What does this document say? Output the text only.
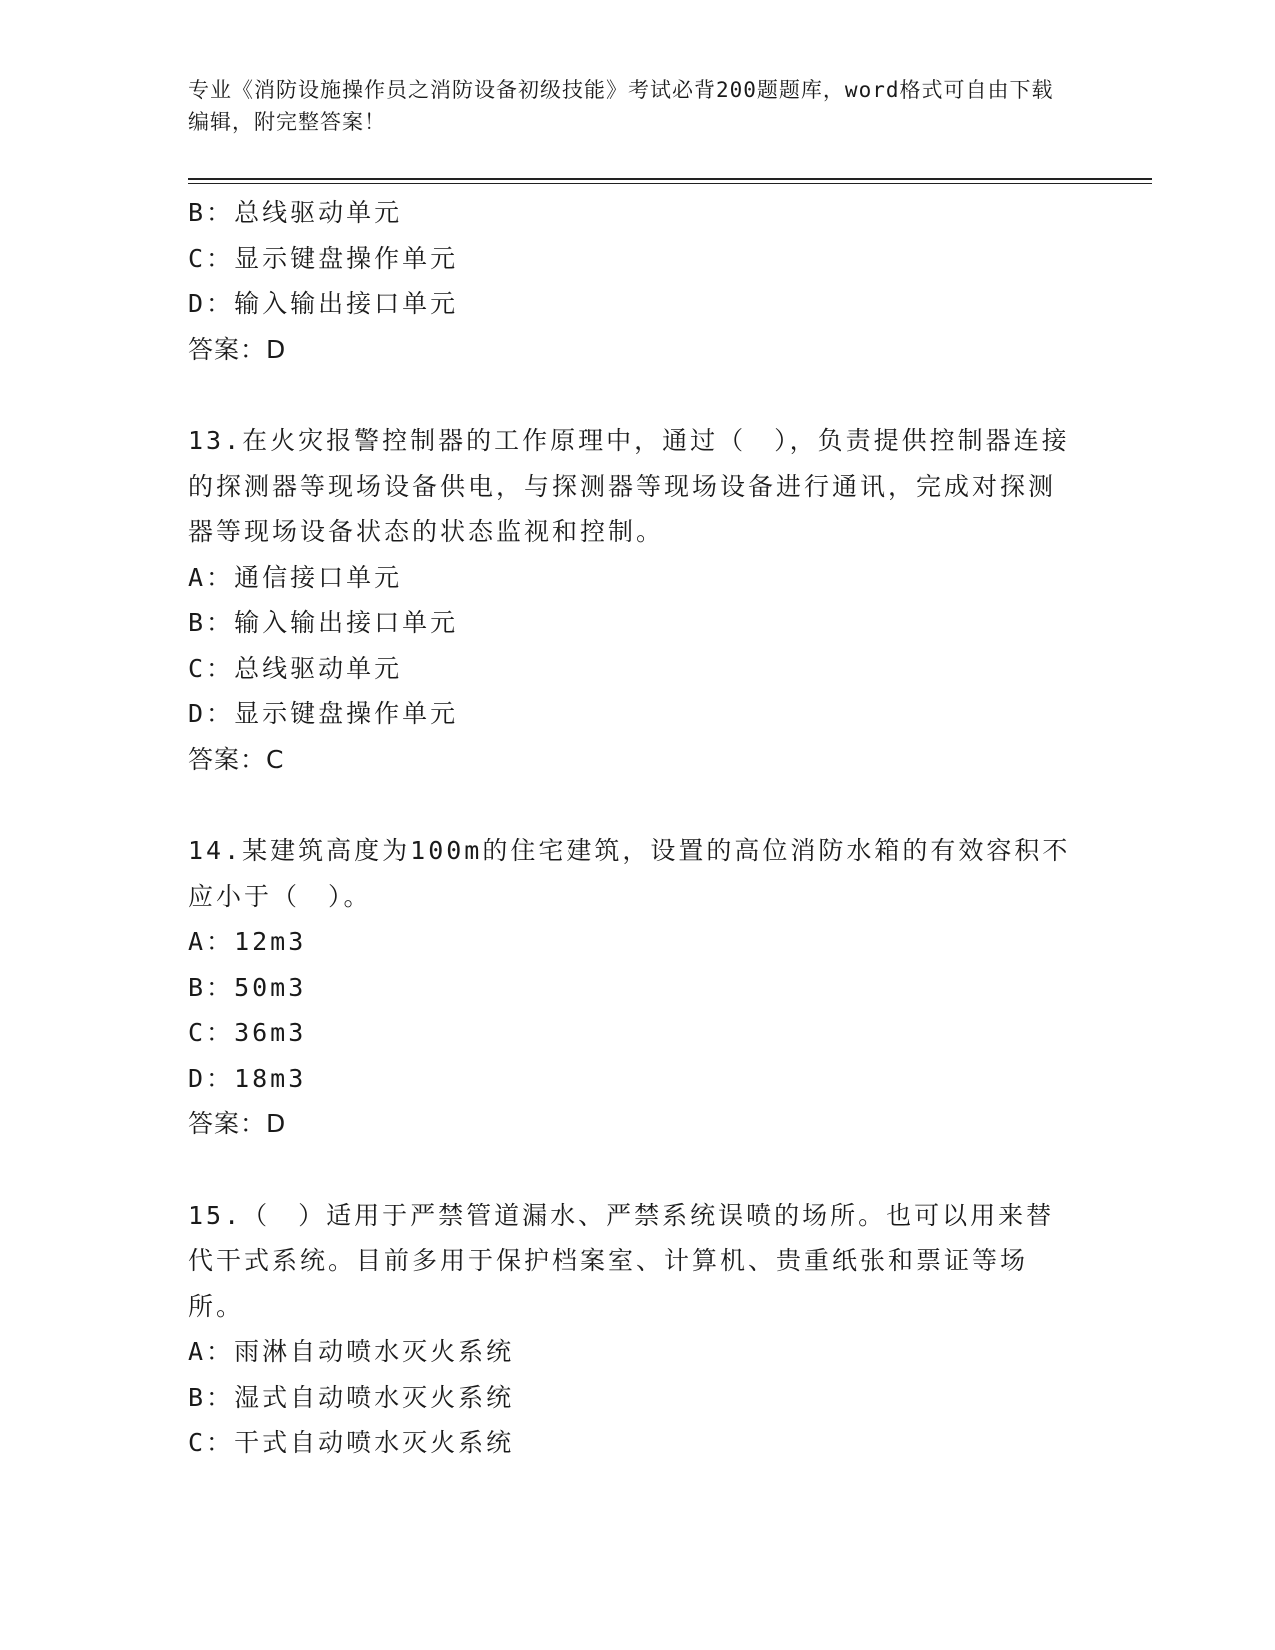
专业《消防设施操作员之消防设备初级技能》考试必背200题题库，word格式可自由下载编辑，附完整答案！
B：总线驱动单元
C：显示键盘操作单元
D：输入输出接口单元
答案：D
13.在火灾报警控制器的工作原理中，通过（　），负责提供控制器连接的探测器等现场设备供电，与探测器等现场设备进行通讯，完成对探测器等现场设备状态的状态监视和控制。
A：通信接口单元
B：输入输出接口单元
C：总线驱动单元
D：显示键盘操作单元
答案：C
14.某建筑高度为100m的住宅建筑，设置的高位消防水箱的有效容积不应小于（　）。
A：12m3
B：50m3
C：36m3
D：18m3
答案：D
15.（　）适用于严禁管道漏水、严禁系统误喷的场所。也可以用来替代干式系统。目前多用于保护档案室、计算机、贵重纸张和票证等场所。
A：雨淋自动喷水灭火系统
B：湿式自动喷水灭火系统
C：干式自动喷水灭火系统
